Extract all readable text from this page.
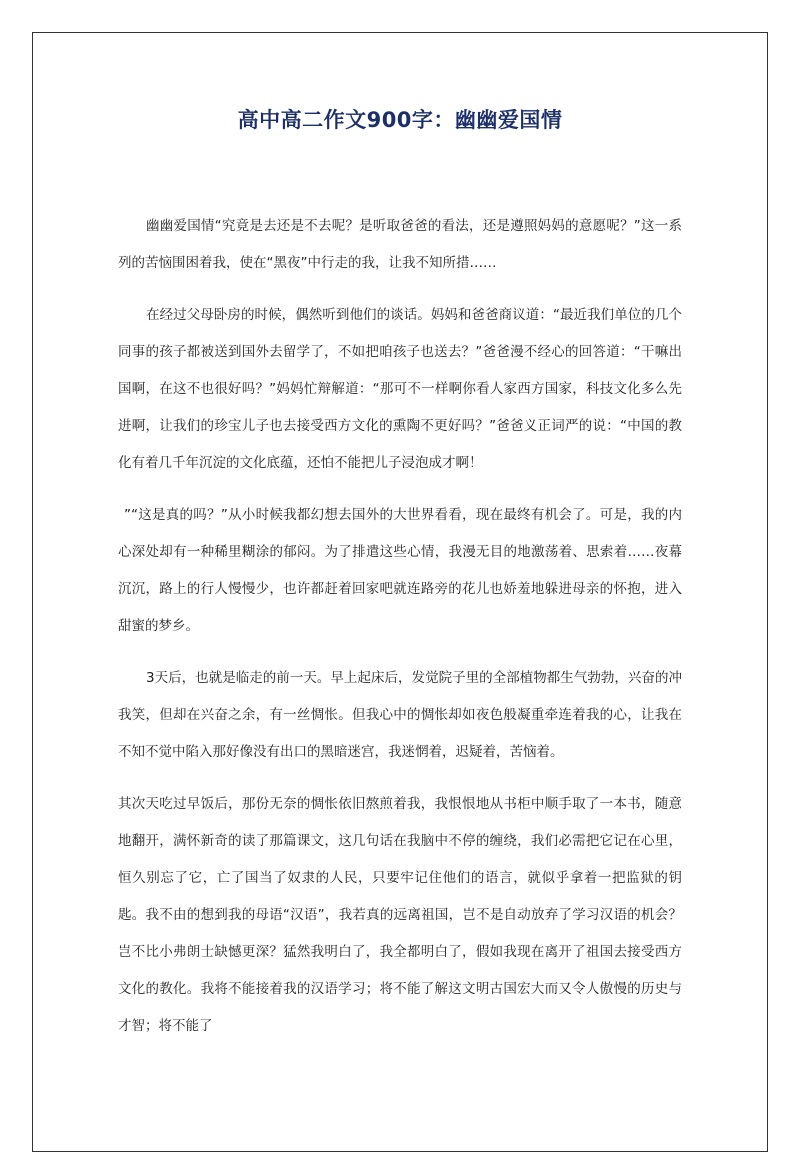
高中高二作文900字：幽幽爱国情

幽幽爱国情“究竟是去还是不去呢？是听取爸爸的看法，还是遵照妈妈的意愿呢？”这一系列的苦恼围困着我，使在“黑夜”中行走的我，让我不知所措……

在经过父母卧房的时候，偶然听到他们的谈话。妈妈和爸爸商议道：“最近我们单位的几个同事的孩子都被送到国外去留学了，不如把咱孩子也送去？”爸爸漫不经心的回答道：“干嘛出国啊，在这不也很好吗？”妈妈忙辩解道：“那可不一样啊你看人家西方国家，科技文化多么先进啊，让我们的珍宝儿子也去接受西方文化的熏陶不更好吗？”爸爸义正词严的说：“中国的教化有着几千年沉淀的文化底蕴，还怕不能把儿子浸泡成才啊！

”“这是真的吗？”从小时候我都幻想去国外的大世界看看，现在最终有机会了。可是，我的内心深处却有一种稀里糊涂的郁闷。为了排遣这些心情，我漫无目的地激荡着、思索着……夜幕沉沉，路上的行人慢慢少，也许都赶着回家吧就连路旁的花儿也娇羞地躲进母亲的怀抱，进入甜蜜的梦乡。

3天后，也就是临走的前一天。早上起床后，发觉院子里的全部植物都生气勃勃，兴奋的冲我笑，但却在兴奋之余，有一丝惆怅。但我心中的惆怅却如夜色般凝重牵连着我的心，让我在不知不觉中陷入那好像没有出口的黑暗迷宫，我迷惘着，迟疑着，苦恼着。

其次天吃过早饭后，那份无奈的惆怅依旧熬煎着我，我恨恨地从书柜中顺手取了一本书，随意地翻开，满怀新奇的读了那篇课文，这几句话在我脑中不停的缠绕，我们必需把它记在心里，恒久别忘了它，亡了国当了奴隶的人民，只要牢记住他们的语言，就似乎拿着一把监狱的钥匙。我不由的想到我的母语“汉语”，我若真的远离祖国，岂不是自动放弃了学习汉语的机会？岂不比小弗朗士缺憾更深？猛然我明白了，我全都明白了，假如我现在离开了祖国去接受西方文化的教化。我将不能接着我的汉语学习；将不能了解这文明古国宏大而又令人傲慢的历史与才智；将不能了
